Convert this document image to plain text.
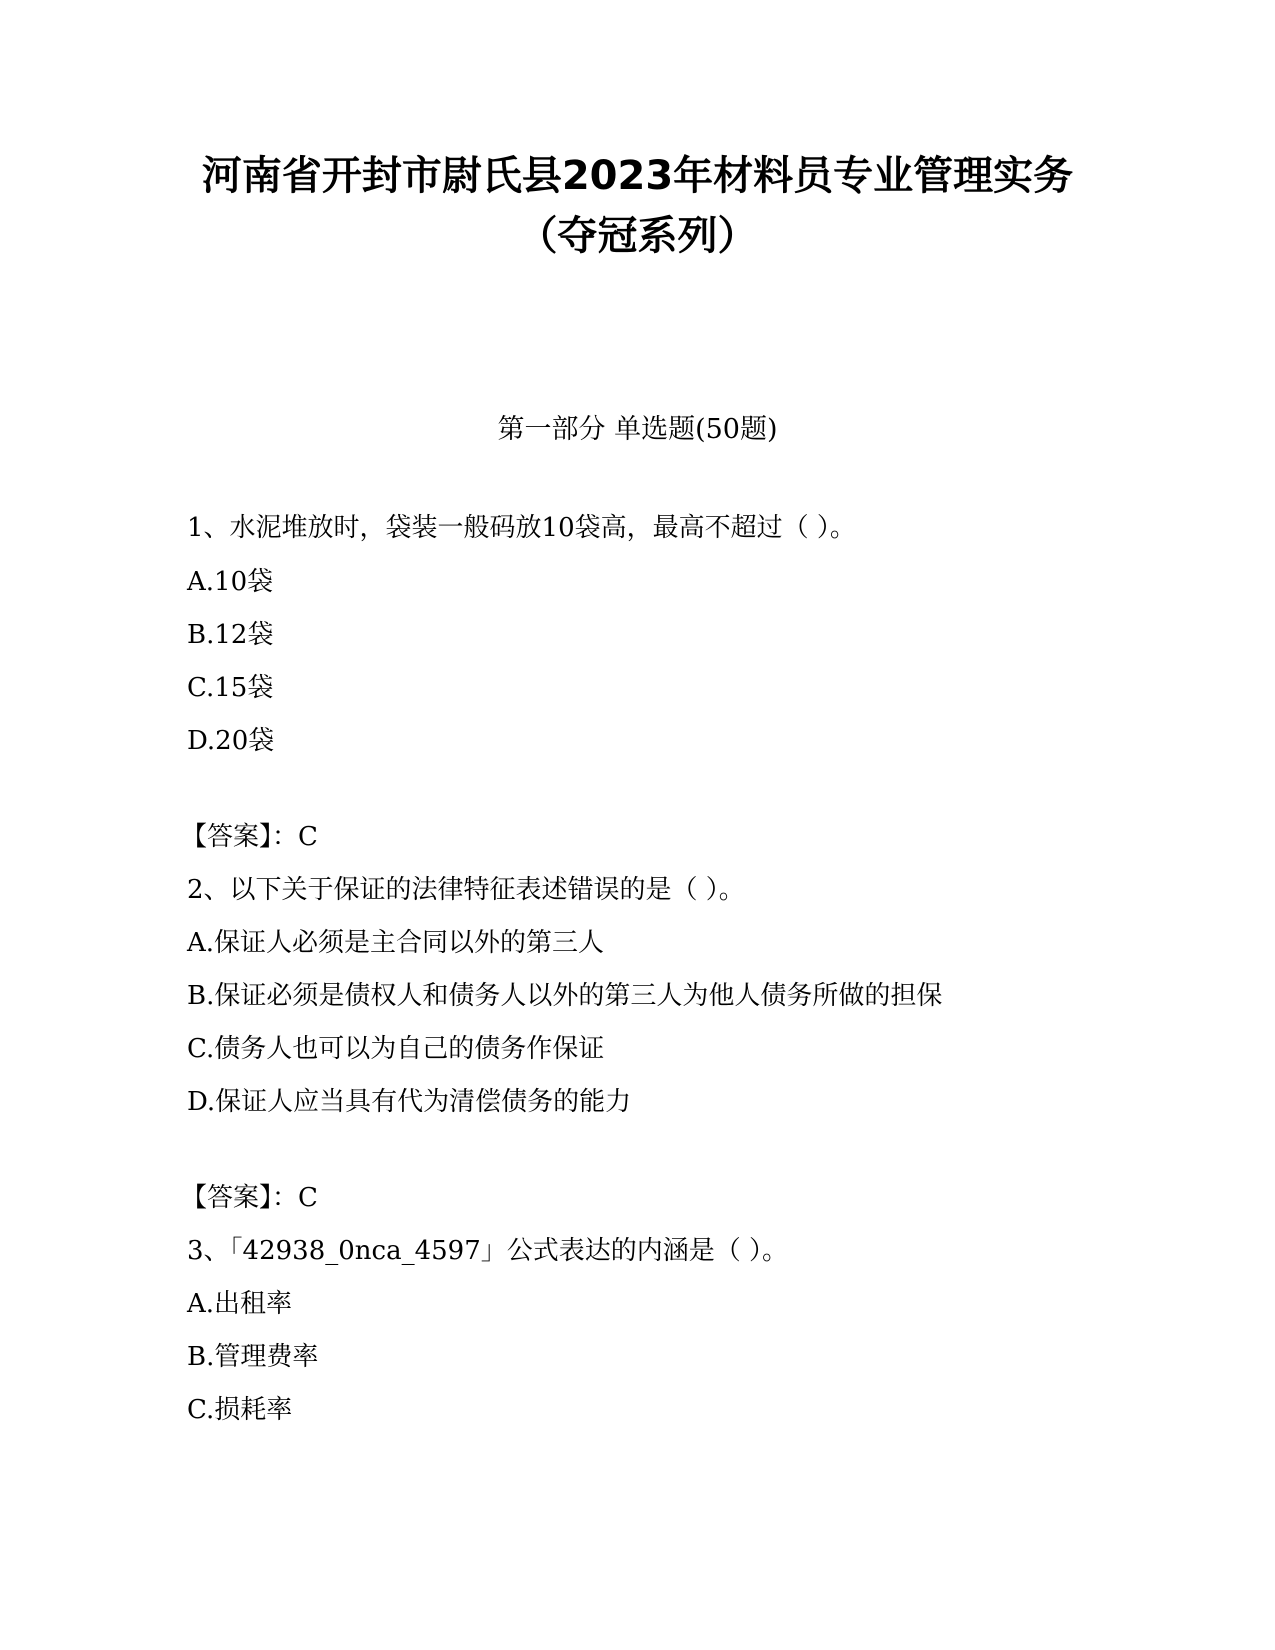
河南省开封市尉氏县2023年材料员专业管理实务
（夺冠系列）
第一部分 单选题(50题)
1、水泥堆放时，袋装一般码放10袋高，最高不超过（ ）。
A.10袋
B.12袋
C.15袋
D.20袋
【答案】：C
2、以下关于保证的法律特征表述错误的是（ ）。
A.保证人必须是主合同以外的第三人
B.保证必须是债权人和债务人以外的第三人为他人债务所做的担保
C.债务人也可以为自己的债务作保证
D.保证人应当具有代为清偿债务的能力
【答案】：C
3、「42938_0nca_4597」公式表达的内涵是（ ）。
A.出租率
B.管理费率
C.损耗率
